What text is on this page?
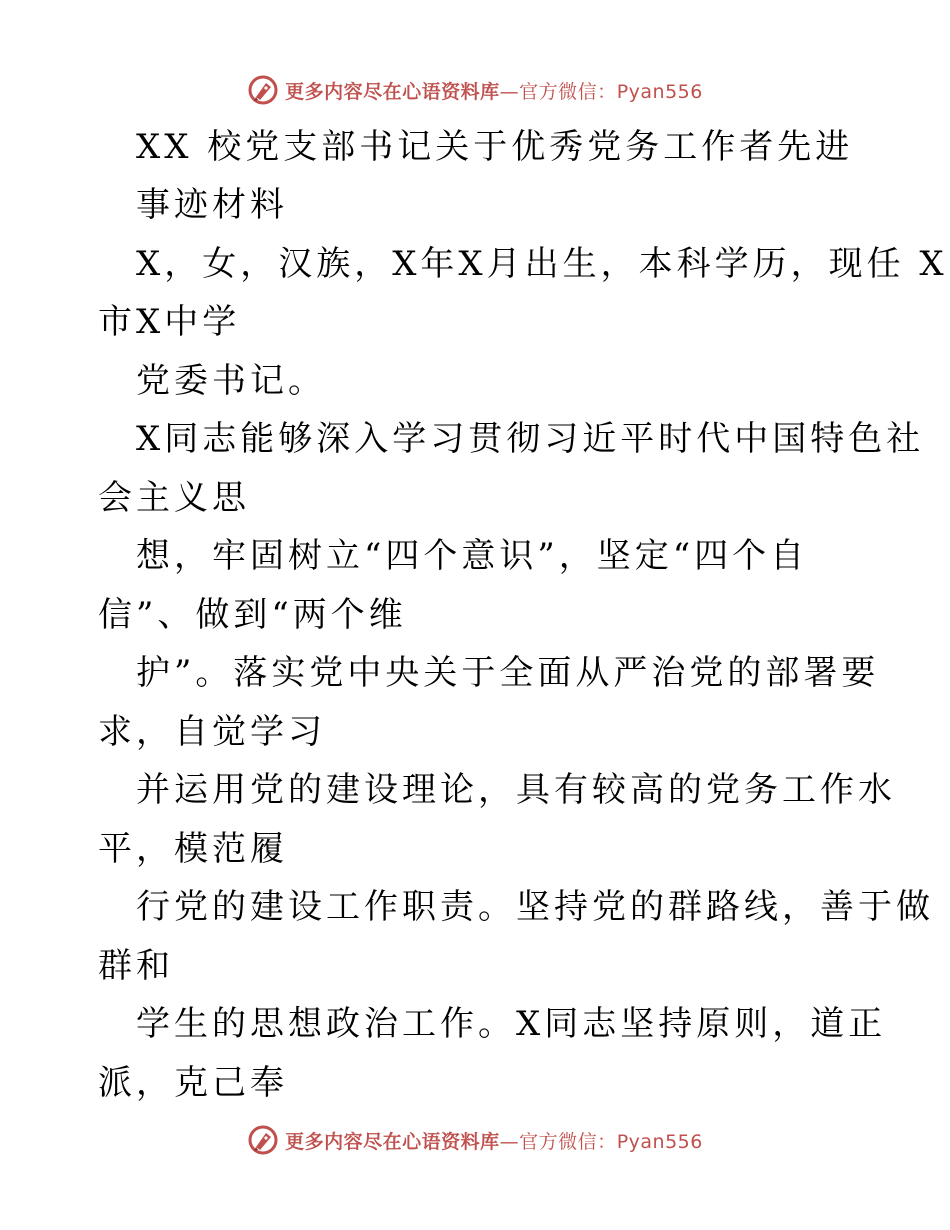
更多内容尽在心语资料库—官方微信：Pyan556
XX 校党支部书记关于优秀党务工作者先进
事迹材料
X，女，汉族，X年X月出生，本科学历，现任 X
市X中学
党委书记。
X同志能够深入学习贯彻习近平时代中国特色社
会主义思
想，牢固树立“四个意识”，坚定“四个自
信”、做到“两个维
护”。落实党中央关于全面从严治党的部署要
求，自觉学习
并运用党的建设理论，具有较高的党务工作水
平，模范履
行党的建设工作职责。坚持党的群路线，善于做
群和
学生的思想政治工作。X同志坚持原则，道正
派，克己奉
更多内容尽在心语资料库—官方微信：Pyan556
